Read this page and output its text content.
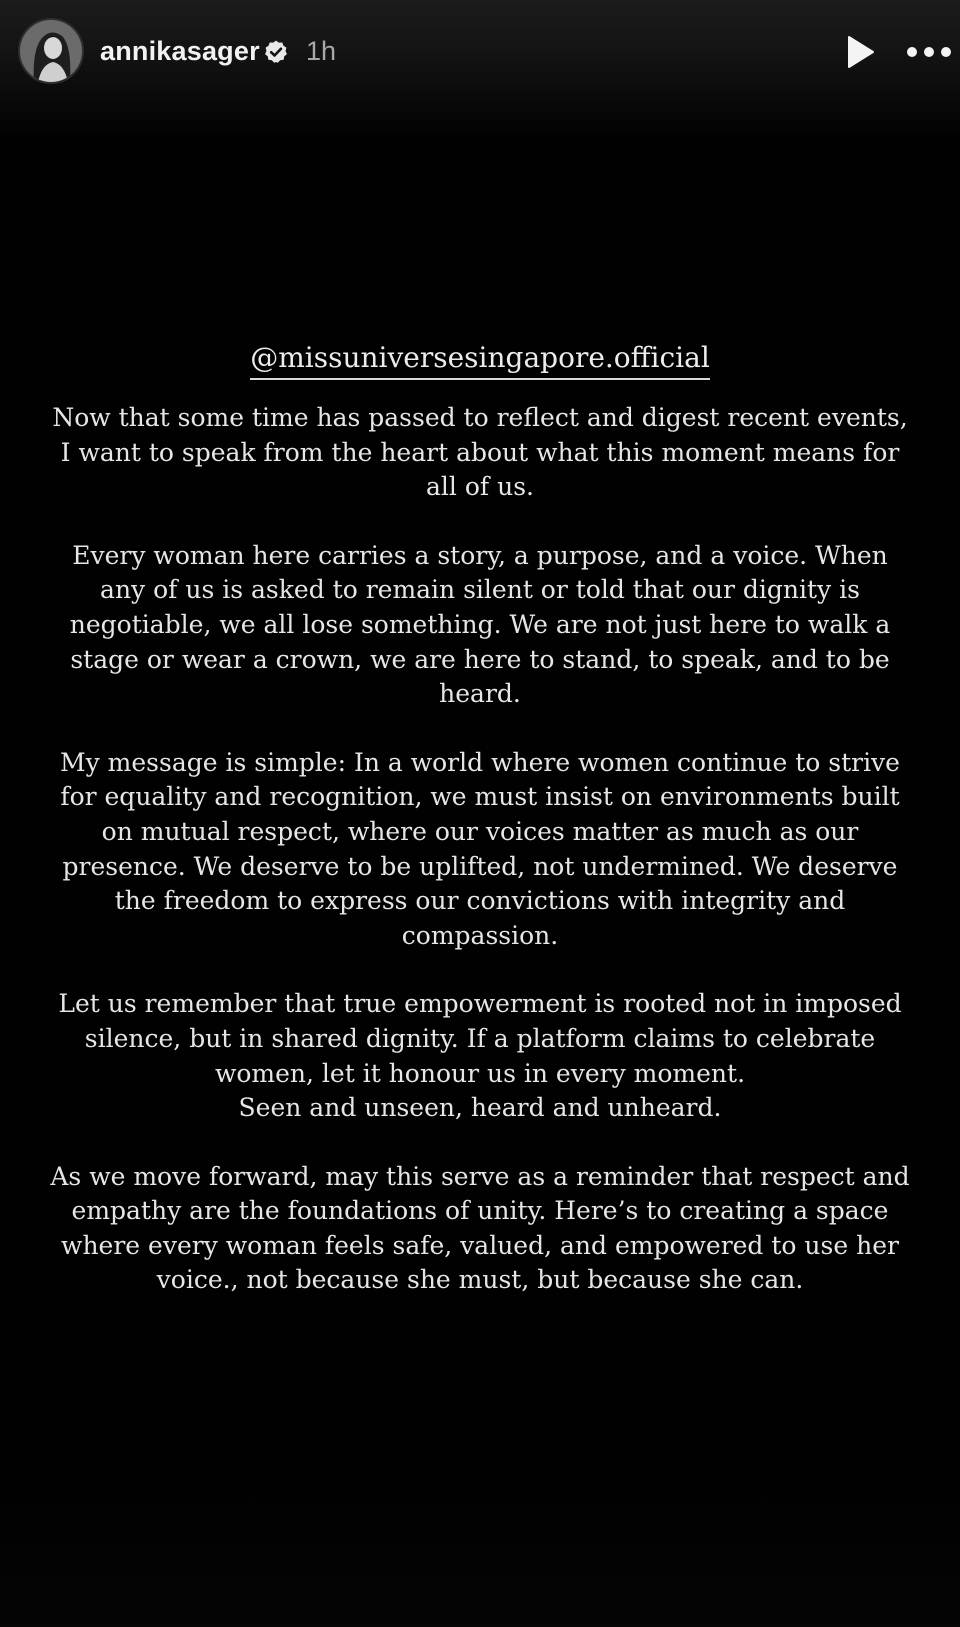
annikasager 1h
@missuniversesingapore.official

Now that some time has passed to reflect and digest recent events,
I want to speak from the heart about what this moment means for
all of us.

Every woman here carries a story, a purpose, and a voice. When
any of us is asked to remain silent or told that our dignity is
negotiable, we all lose something. We are not just here to walk a
stage or wear a crown, we are here to stand, to speak, and to be
heard.

My message is simple: In a world where women continue to strive
for equality and recognition, we must insist on environments built
on mutual respect, where our voices matter as much as our
presence. We deserve to be uplifted, not undermined. We deserve
the freedom to express our convictions with integrity and
compassion.

Let us remember that true empowerment is rooted not in imposed
silence, but in shared dignity. If a platform claims to celebrate
women, let it honour us in every moment.
Seen and unseen, heard and unheard.

As we move forward, may this serve as a reminder that respect and
empathy are the foundations of unity. Here’s to creating a space
where every woman feels safe, valued, and empowered to use her
voice., not because she must, but because she can.
